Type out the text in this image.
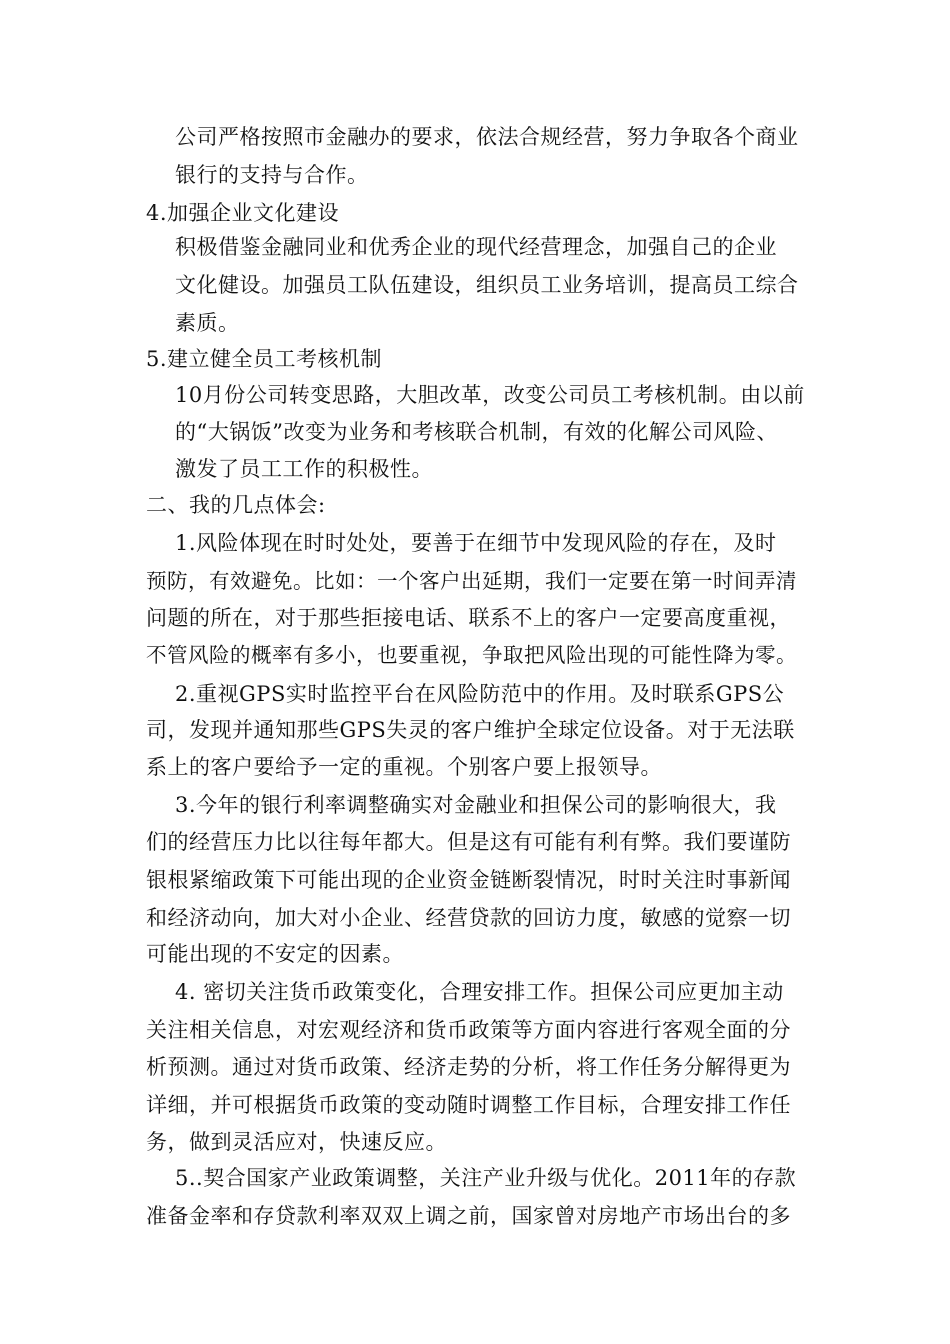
公司严格按照市金融办的要求，依法合规经营，努力争取各个商业
银行的支持与合作。
4.加强企业文化建设
积极借鉴金融同业和优秀企业的现代经营理念，加强自己的企业
文化健设。加强员工队伍建设，组织员工业务培训，提高员工综合
素质。
5.建立健全员工考核机制
10月份公司转变思路，大胆改革，改变公司员工考核机制。由以前
的“大锅饭”改变为业务和考核联合机制，有效的化解公司风险、
激发了员工工作的积极性。
二、我的几点体会:
1.风险体现在时时处处，要善于在细节中发现风险的存在，及时
预防，有效避免。比如：一个客户出延期，我们一定要在第一时间弄清
问题的所在，对于那些拒接电话、联系不上的客户一定要高度重视，
不管风险的概率有多小，也要重视，争取把风险出现的可能性降为零。
2.重视GPS实时监控平台在风险防范中的作用。及时联系GPS公
司，发现并通知那些GPS失灵的客户维护全球定位设备。对于无法联
系上的客户要给予一定的重视。个别客户要上报领导。
3.今年的银行利率调整确实对金融业和担保公司的影响很大，我
们的经营压力比以往每年都大。但是这有可能有利有弊。我们要谨防
银根紧缩政策下可能出现的企业资金链断裂情况，时时关注时事新闻
和经济动向，加大对小企业、经营贷款的回访力度，敏感的觉察一切
可能出现的不安定的因素。
4. 密切关注货币政策变化，合理安排工作。担保公司应更加主动
关注相关信息，对宏观经济和货币政策等方面内容进行客观全面的分
析预测。通过对货币政策、经济走势的分析，将工作任务分解得更为
详细，并可根据货币政策的变动随时调整工作目标，合理安排工作任
务，做到灵活应对，快速反应。
5..契合国家产业政策调整，关注产业升级与优化。2011年的存款
准备金率和存贷款利率双双上调之前，国家曾对房地产市场出台的多
